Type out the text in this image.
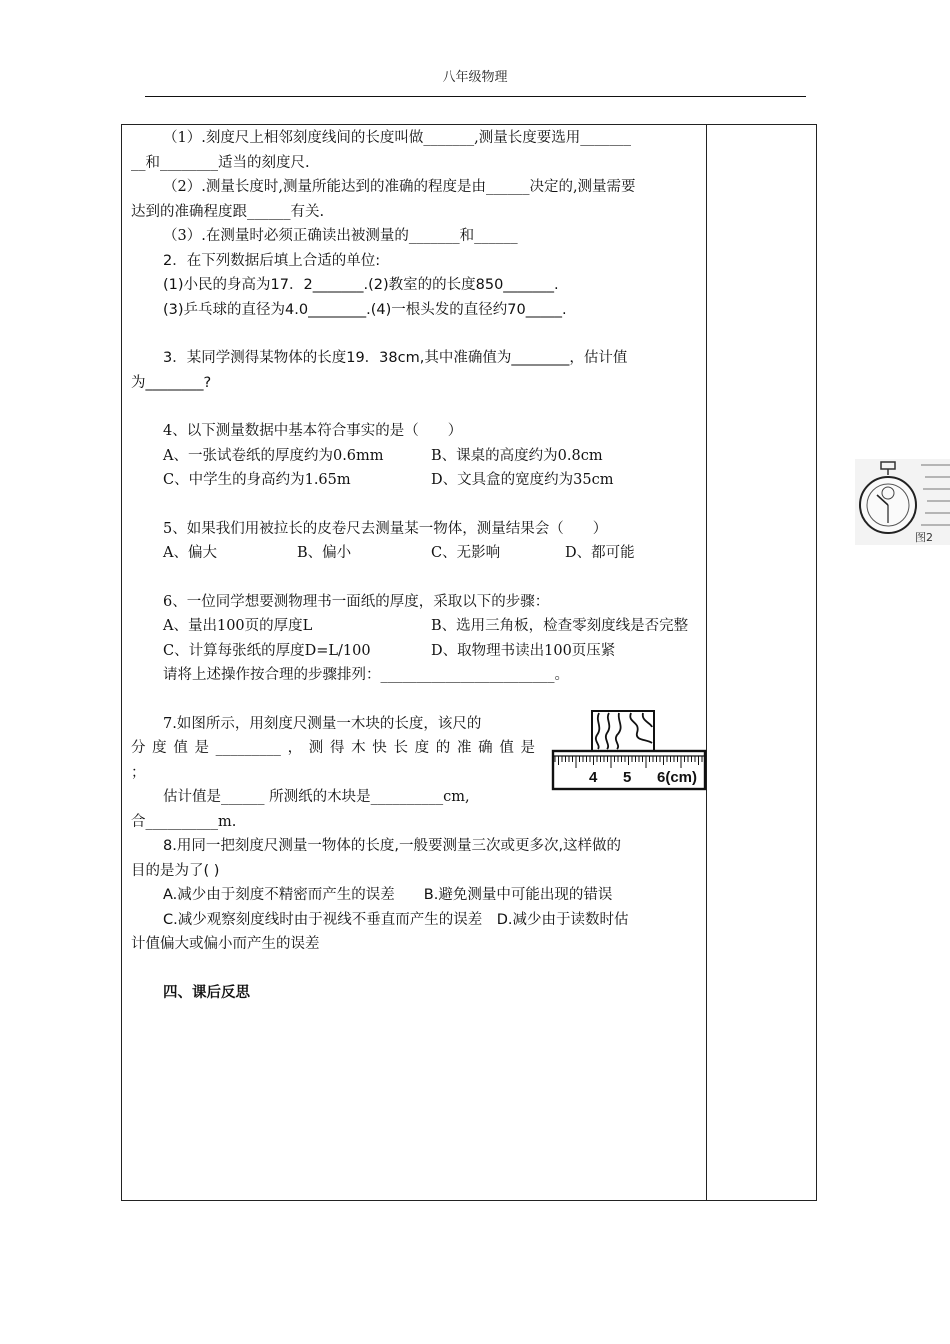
八年级物理

（1）.刻度尺上相邻刻度线间的长度叫做_______,测量长度要选用_______

__和________适当的刻度尺.

（2）.测量长度时,测量所能达到的准确的程度是由______决定的,测量需要

达到的准确程度跟______有关.

（3）.在测量时必须正确读出被测量的_______和______

2．在下列数据后填上合适的单位:

(1)小民的身高为17．2_______.(2)教室的的长度850_______.

(3)乒乓球的直径为4.0________.(4)一根头发的直径约70_____.

3．某同学测得某物体的长度19．38cm,其中准确值为________，估计值

为________?

4、以下测量数据中基本符合事实的是（　　）

A、一张试卷纸的厚度约为0.6mm	B、课桌的高度约为0.8cm
C、中学生的身高约为1.65m	D、文具盒的宽度约为35cm

5、如果我们用被拉长的皮卷尺去测量某一物体，测量结果会（　　）

A、偏大	B、偏小	C、无影响	D、都可能

6、一位同学想要测物理书一面纸的厚度，采取以下的步骤：

A、量出100页的厚度L	B、选用三角板，检查零刻度线是否完整
C、计算每张纸的厚度D=L/100	D、取物理书读出100页压紧

请将上述操作按合理的步骤排列：________________________。

7.如图所示，用刻度尺测量一木块的长度，该尺的

分度值是_________，测得木快长度的准确值是

；

估计值是______ 所测纸的木块是__________cm,

合__________m.

8.用同一把刻度尺测量一物体的长度,一般要测量三次或更多次,这样做的

目的是为了( )

A.减少由于刻度不精密而产生的误差　　B.避免测量中可能出现的错误

C.减少观察刻度线时由于视线不垂直而产生的误差　D.减少由于读数时估

计值偏大或偏小而产生的误差

四、课后反思

4 5 6(cm)
图2
